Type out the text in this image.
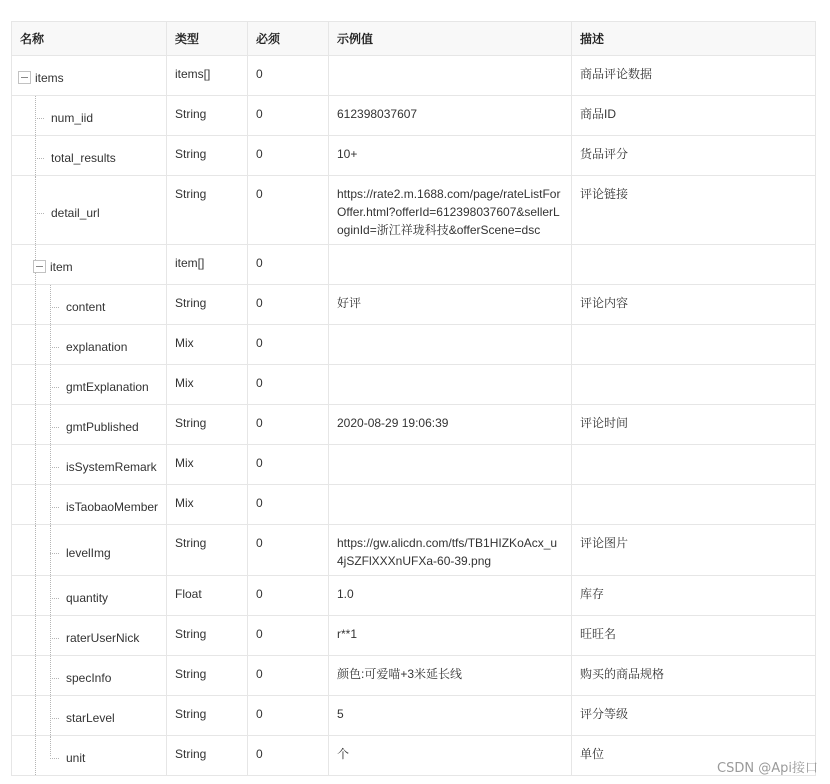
名称	类型	必须	示例值	描述

items	items[]	0		商品评论数据

num_iid	String	0	612398037607	商品ID

total_results	String	0	10+	货品评分

detail_url	String	0	https://rate2.m.1688.com/page/rateListForOffer.html?offerId=612398037607&sellerLoginId=浙江祥珑科技&offerScene=dsc	评论链接

item	item[]	0		

content	String	0	好评	评论内容

explanation	Mix	0		

gmtExplanation	Mix	0		

gmtPublished	String	0	2020-08-29 19:06:39	评论时间

isSystemRemark	Mix	0		

isTaobaoMember	Mix	0		

levelImg	String	0	https://gw.alicdn.com/tfs/TB1HIZKoAcx_u4jSZFlXXXnUFXa-60-39.png	评论图片

quantity	Float	0	1.0	库存

raterUserNick	String	0	r**1	旺旺名

specInfo	String	0	颜色:可爱喵+3米延长线	购买的商品规格

starLevel	String	0	5	评分等级

unit	String	0	个	单位
CSDN @Api接口
